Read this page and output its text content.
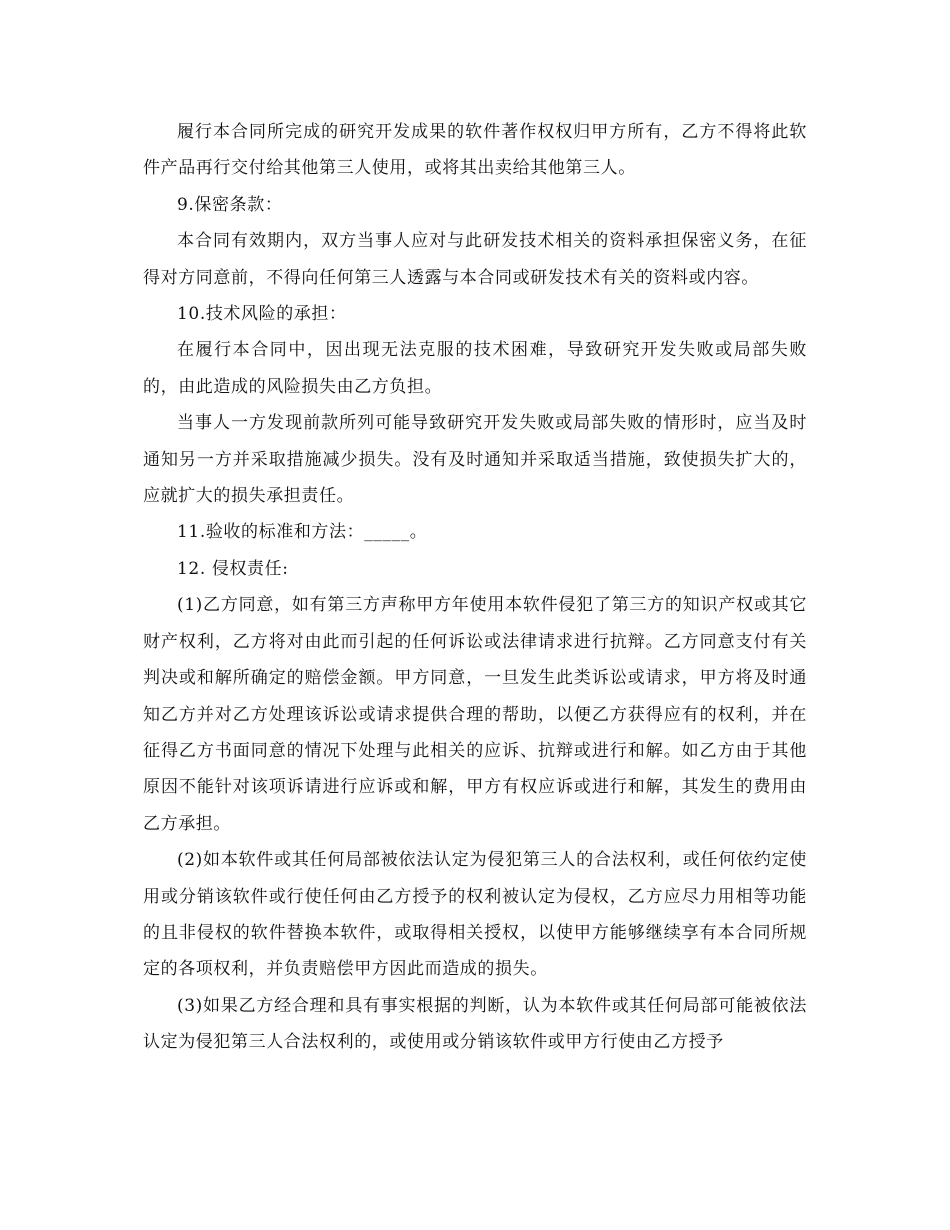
履行本合同所完成的研究开发成果的软件著作权权归甲方所有，乙方不得将此软件产品再行交付给其他第三人使用，或将其出卖给其他第三人。

9.保密条款：

本合同有效期内，双方当事人应对与此研发技术相关的资料承担保密义务，在征得对方同意前，不得向任何第三人透露与本合同或研发技术有关的资料或内容。

10.技术风险的承担：

在履行本合同中，因出现无法克服的技术困难，导致研究开发失败或局部失败的，由此造成的风险损失由乙方负担。

当事人一方发现前款所列可能导致研究开发失败或局部失败的情形时，应当及时通知另一方并采取措施减少损失。没有及时通知并采取适当措施，致使损失扩大的，应就扩大的损失承担责任。

11.验收的标准和方法：_____。

12. 侵权责任:

(1)乙方同意，如有第三方声称甲方年使用本软件侵犯了第三方的知识产权或其它财产权利，乙方将对由此而引起的任何诉讼或法律请求进行抗辩。乙方同意支付有关判决或和解所确定的赔偿金额。甲方同意，一旦发生此类诉讼或请求，甲方将及时通知乙方并对乙方处理该诉讼或请求提供合理的帮助，以便乙方获得应有的权利，并在征得乙方书面同意的情况下处理与此相关的应诉、抗辩或进行和解。如乙方由于其他原因不能针对该项诉请进行应诉或和解，甲方有权应诉或进行和解，其发生的费用由乙方承担。

(2)如本软件或其任何局部被依法认定为侵犯第三人的合法权利，或任何依约定使用或分销该软件或行使任何由乙方授予的权利被认定为侵权，乙方应尽力用相等功能的且非侵权的软件替换本软件，或取得相关授权，以使甲方能够继续享有本合同所规定的各项权利，并负责赔偿甲方因此而造成的损失。

(3)如果乙方经合理和具有事实根据的判断，认为本软件或其任何局部可能被依法认定为侵犯第三人合法权利的，或使用或分销该软件或甲方行使由乙方授予
